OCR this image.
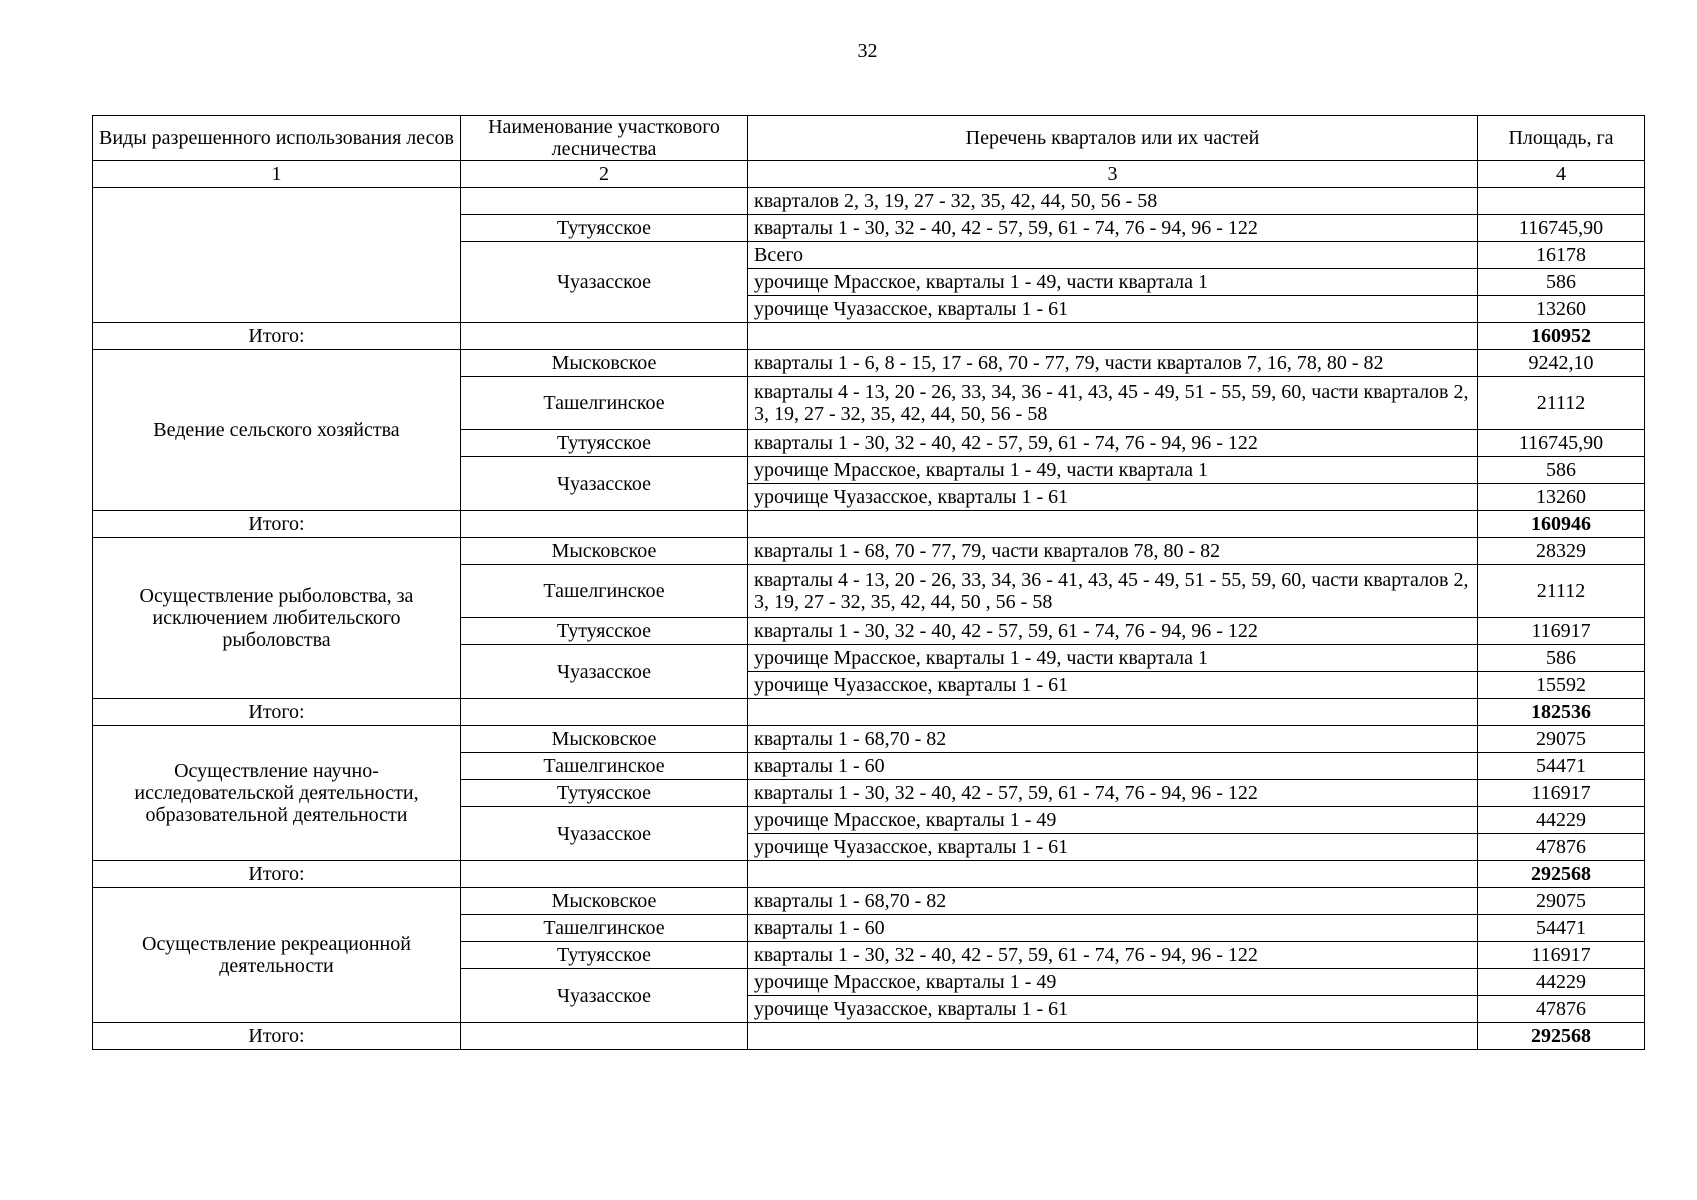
32
Виды разрешенного использования лесов	Наименование участкового лесничества	Перечень кварталов или их частей	Площадь, га
1	2	3	4
		кварталов 2, 3, 19, 27 - 32, 35, 42, 44, 50, 56 - 58	
	Тутуясское	кварталы 1 - 30, 32 - 40, 42 - 57, 59, 61 - 74, 76 - 94, 96 - 122	116745,90
	Чуазасское	Всего	16178
		урочище Мрасское, кварталы 1 - 49, части квартала 1	586
		урочище Чуазасское, кварталы 1 - 61	13260
Итого:			160952
Ведение сельского хозяйства	Мысковское	кварталы 1 - 6, 8 - 15, 17 - 68, 70 - 77, 79, части кварталов 7, 16, 78, 80 - 82	9242,10
	Ташелгинское	кварталы 4 - 13, 20 - 26, 33, 34, 36 - 41, 43, 45 - 49, 51 - 55, 59, 60, части кварталов 2, 3, 19, 27 - 32, 35, 42, 44, 50, 56 - 58	21112
	Тутуясское	кварталы 1 - 30, 32 - 40, 42 - 57, 59, 61 - 74, 76 - 94, 96 - 122	116745,90
	Чуазасское	урочище Мрасское, кварталы 1 - 49, части квартала 1	586
		урочище Чуазасское, кварталы 1 - 61	13260
Итого:			160946
Осуществление рыболовства, за исключением любительского рыболовства	Мысковское	кварталы 1 - 68, 70 - 77, 79, части кварталов 78, 80 - 82	28329
	Ташелгинское	кварталы 4 - 13, 20 - 26, 33, 34, 36 - 41, 43, 45 - 49, 51 - 55, 59, 60, части кварталов 2, 3, 19, 27 - 32, 35, 42, 44, 50 , 56 - 58	21112
	Тутуясское	кварталы 1 - 30, 32 - 40, 42 - 57, 59, 61 - 74, 76 - 94, 96 - 122	116917
	Чуазасское	урочище Мрасское, кварталы 1 - 49, части квартала 1	586
		урочище Чуазасское, кварталы 1 - 61	15592
Итого:			182536
Осуществление научно-исследовательской деятельности, образовательной деятельности	Мысковское	кварталы 1 - 68,70 - 82	29075
	Ташелгинское	кварталы 1 - 60	54471
	Тутуясское	кварталы 1 - 30, 32 - 40, 42 - 57, 59, 61 - 74, 76 - 94, 96 - 122	116917
	Чуазасское	урочище Мрасское, кварталы 1 - 49	44229
		урочище Чуазасское, кварталы 1 - 61	47876
Итого:			292568
Осуществление рекреационной деятельности	Мысковское	кварталы 1 - 68,70 - 82	29075
	Ташелгинское	кварталы 1 - 60	54471
	Тутуясское	кварталы 1 - 30, 32 - 40, 42 - 57, 59, 61 - 74, 76 - 94, 96 - 122	116917
	Чуазасское	урочище Мрасское, кварталы 1 - 49	44229
		урочище Чуазасское, кварталы 1 - 61	47876
Итого:			292568
